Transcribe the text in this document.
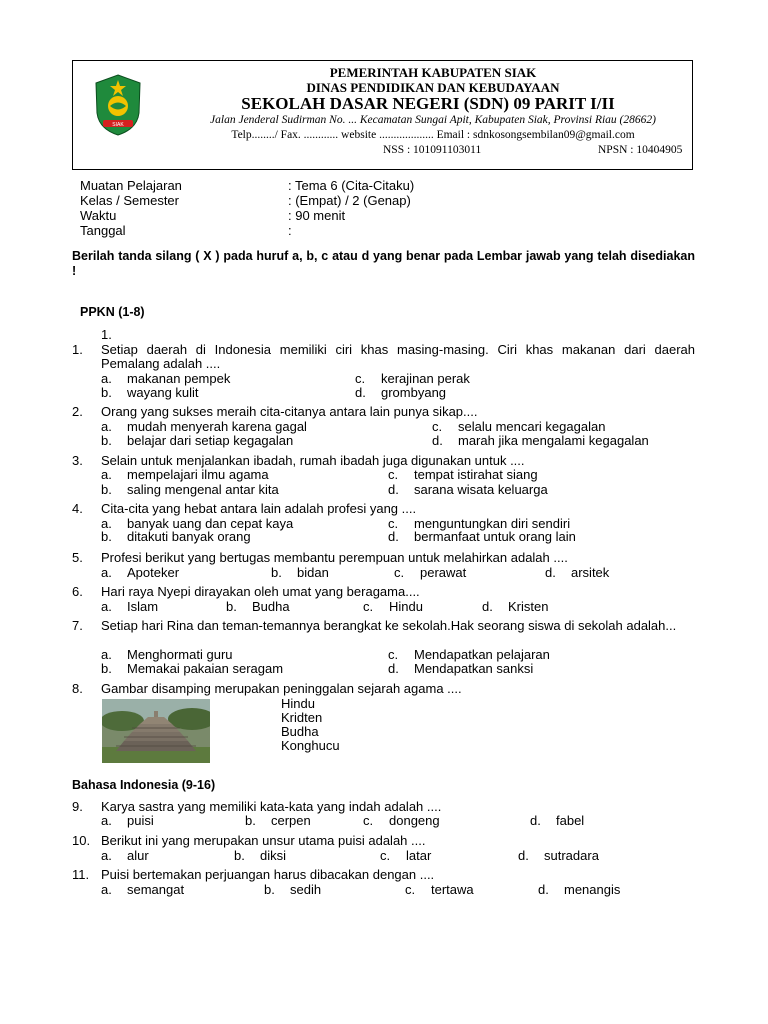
SIAK
PEMERINTAH KABUPATEN SIAK
DINAS PENDIDIKAN DAN KEBUDAYAAN
SEKOLAH DASAR NEGERI (SDN) 09 PARIT I/II
Jalan Jenderal Sudirman No. ... Kecamatan Sungai Apit, Kabupaten Siak, Provinsi Riau (28662)
Telp......../ Fax. ............ website ................... Email : sdnkosongsembilan09@gmail.com
NSS : 101091103011	NPSN : 10404905
Muatan Pelajaran	: Tema 6 (Cita-Citaku)
Kelas / Semester	: (Empat) / 2 (Genap)
Waktu	: 90 menit
Tanggal	:
Berilah tanda silang ( X ) pada huruf a, b, c atau d yang benar pada Lembar jawab yang telah disediakan !
PPKN (1-8)
1.
1. Setiap daerah di Indonesia memiliki ciri khas masing-masing. Ciri khas makanan dari daerah Pemalang adalah ....
a. makanan pempek
b. wayang kulit
c. kerajinan perak
d. grombyang
2. Orang yang sukses meraih cita-citanya antara lain punya sikap....
a. mudah menyerah karena gagal
b. belajar dari setiap kegagalan
c. selalu mencari kegagalan
d. marah jika mengalami kegagalan
3. Selain untuk menjalankan ibadah, rumah ibadah juga digunakan untuk ....
a. mempelajari ilmu agama
b. saling mengenal antar kita
c. tempat istirahat siang
d. sarana wisata keluarga
4. Cita-cita yang hebat antara lain adalah profesi yang ....
a. banyak uang dan cepat kaya
b. ditakuti banyak orang
c. menguntungkan diri sendiri
d. bermanfaat untuk orang lain
5. Profesi berikut yang bertugas membantu perempuan untuk melahirkan adalah ....
a. Apoteker	b. bidan	c. perawat	d. arsitek
6. Hari raya Nyepi dirayakan oleh umat yang beragama....
a. Islam	b. Budha	c. Hindu	d. Kristen
7. Setiap hari Rina dan teman-temannya berangkat ke sekolah.Hak seorang siswa di sekolah adalah...
a. Menghormati guru
b. Memakai pakaian seragam
c. Mendapatkan pelajaran
d. Mendapatkan sanksi
8. Gambar disamping merupakan peninggalan sejarah agama ....
Hindu
Kridten
Budha
Konghucu
Bahasa Indonesia (9-16)
9. Karya sastra yang memiliki kata-kata yang indah adalah ....
a. puisi	b. cerpen	c. dongeng	d. fabel
10. Berikut ini yang merupakan unsur utama puisi adalah ....
a. alur	b. diksi	c. latar	d. sutradara
11. Puisi bertemakan perjuangan harus dibacakan dengan ....
a. semangat	b. sedih	c. tertawa	d. menangis
